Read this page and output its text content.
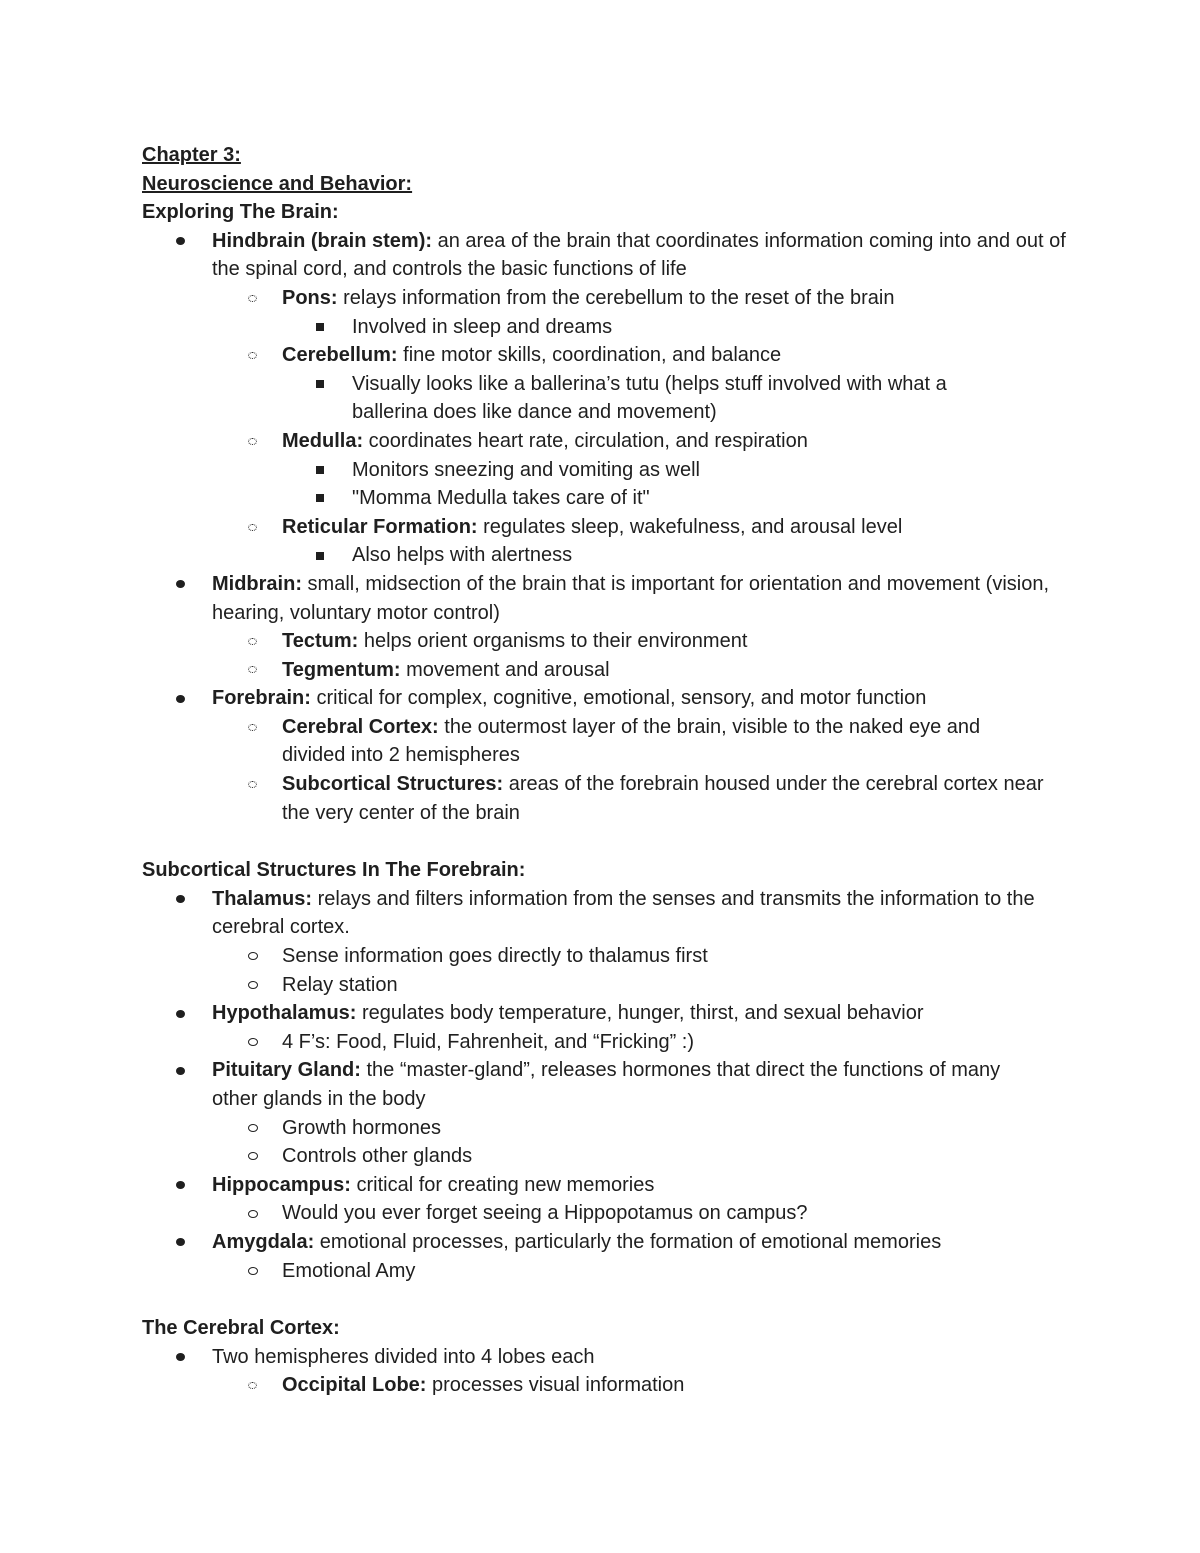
Chapter 3:
Neuroscience and Behavior:
Exploring The Brain:
Hindbrain (brain stem): an area of the brain that coordinates information coming into and out of the spinal cord, and controls the basic functions of life
Pons: relays information from the cerebellum to the reset of the brain
Involved in sleep and dreams
Cerebellum: fine motor skills, coordination, and balance
Visually looks like a ballerina’s tutu (helps stuff involved with what a ballerina does like dance and movement)
Medulla: coordinates heart rate, circulation, and respiration
Monitors sneezing and vomiting as well
"Momma Medulla takes care of it"
Reticular Formation: regulates sleep, wakefulness, and arousal level
Also helps with alertness
Midbrain: small, midsection of the brain that is important for orientation and movement (vision, hearing, voluntary motor control)
Tectum: helps orient organisms to their environment
Tegmentum: movement and arousal
Forebrain: critical for complex, cognitive, emotional, sensory, and motor function
Cerebral Cortex: the outermost layer of the brain, visible to the naked eye and divided into 2 hemispheres
Subcortical Structures: areas of the forebrain housed under the cerebral cortex near the very center of the brain
Subcortical Structures In The Forebrain:
Thalamus: relays and filters information from the senses and transmits the information to the cerebral cortex.
Sense information goes directly to thalamus first
Relay station
Hypothalamus: regulates body temperature, hunger, thirst, and sexual behavior
4 F’s: Food, Fluid, Fahrenheit, and “Fricking” :)
Pituitary Gland: the “master-gland”, releases hormones that direct the functions of many other glands in the body
Growth hormones
Controls other glands
Hippocampus: critical for creating new memories
Would you ever forget seeing a Hippopotamus on campus?
Amygdala: emotional processes, particularly the formation of emotional memories
Emotional Amy
The Cerebral Cortex:
Two hemispheres divided into 4 lobes each
Occipital Lobe: processes visual information
